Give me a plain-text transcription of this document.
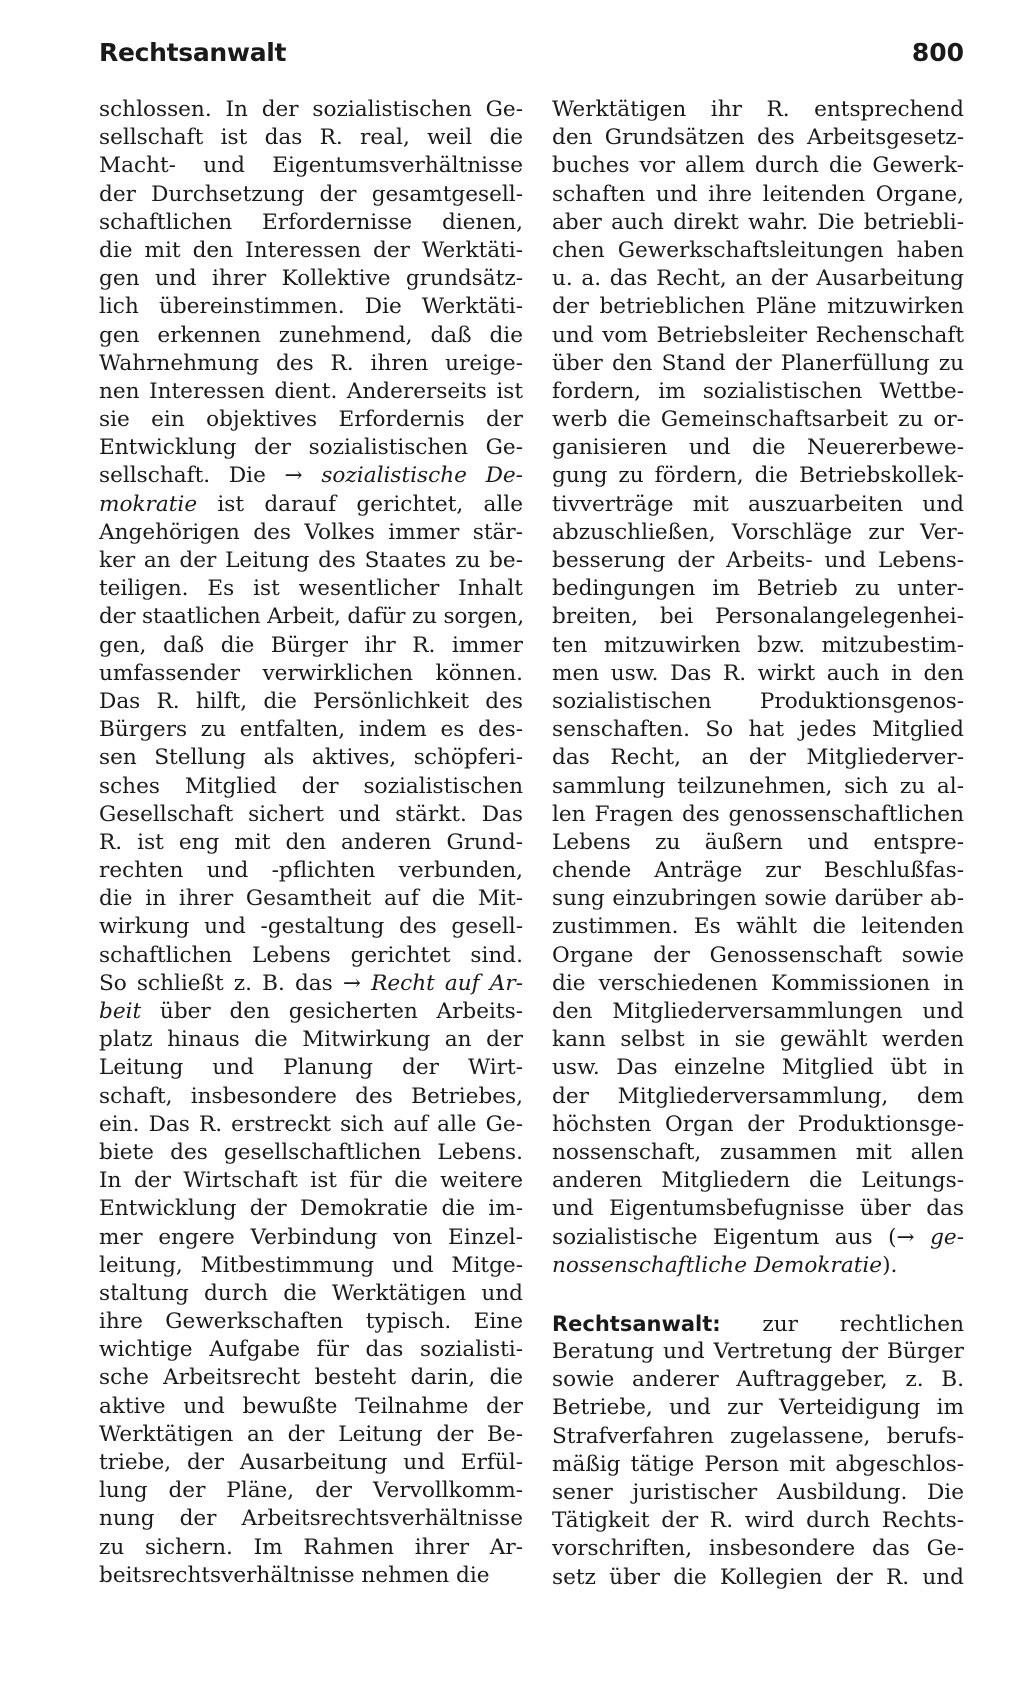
Rechtsanwalt	800
schlossen. In der sozialistischen Ge-
sellschaft ist das R. real, weil die
Macht- und Eigentumsverhältnisse
der Durchsetzung der gesamtgesell-
schaftlichen Erfordernisse dienen,
die mit den Interessen der Werktäti-
gen und ihrer Kollektive grundsätz-
lich übereinstimmen. Die Werktäti-
gen erkennen zunehmend, daß die
Wahrnehmung des R. ihren ureige-
nen Interessen dient. Andererseits ist
sie ein objektives Erfordernis der
Entwicklung der sozialistischen Ge-
sellschaft. Die → sozialistische De-
mokratie ist darauf gerichtet, alle
Angehörigen des Volkes immer stär-
ker an der Leitung des Staates zu be-
teiligen. Es ist wesentlicher Inhalt
der staatlichen Arbeit, dafür zu sorgen,
gen, daß die Bürger ihr R. immer
umfassender verwirklichen können.
Das R. hilft, die Persönlichkeit des
Bürgers zu entfalten, indem es des-
sen Stellung als aktives, schöpferi-
sches Mitglied der sozialistischen
Gesellschaft sichert und stärkt. Das
R. ist eng mit den anderen Grund-
rechten und -pflichten verbunden,
die in ihrer Gesamtheit auf die Mit-
wirkung und -gestaltung des gesell-
schaftlichen Lebens gerichtet sind.
So schließt z. B. das → Recht auf Ar-
beit über den gesicherten Arbeits-
platz hinaus die Mitwirkung an der
Leitung und Planung der Wirt-
schaft, insbesondere des Betriebes,
ein. Das R. erstreckt sich auf alle Ge-
biete des gesellschaftlichen Lebens.
In der Wirtschaft ist für die weitere
Entwicklung der Demokratie die im-
mer engere Verbindung von Einzel-
leitung, Mitbestimmung und Mitge-
staltung durch die Werktätigen und
ihre Gewerkschaften typisch. Eine
wichtige Aufgabe für das sozialisti-
sche Arbeitsrecht besteht darin, die
aktive und bewußte Teilnahme der
Werktätigen an der Leitung der Be-
triebe, der Ausarbeitung und Erfül-
lung der Pläne, der Vervollkomm-
nung der Arbeitsrechtsverhältnisse
zu sichern. Im Rahmen ihrer Ar-
beitsrechtsverhältnisse nehmen die
Werktätigen ihr R. entsprechend
den Grundsätzen des Arbeitsgesetz-
buches vor allem durch die Gewerk-
schaften und ihre leitenden Organe,
aber auch direkt wahr. Die betriebli-
chen Gewerkschaftsleitungen haben
u. a. das Recht, an der Ausarbeitung
der betrieblichen Pläne mitzuwirken
und vom Betriebsleiter Rechenschaft
über den Stand der Planerfüllung zu
fordern, im sozialistischen Wettbe-
werb die Gemeinschaftsarbeit zu or-
ganisieren und die Neuererbewe-
gung zu fördern, die Betriebskollek-
tivverträge mit auszuarbeiten und
abzuschließen, Vorschläge zur Ver-
besserung der Arbeits- und Lebens-
bedingungen im Betrieb zu unter-
breiten, bei Personalangelegenhei-
ten mitzuwirken bzw. mitzubestim-
men usw. Das R. wirkt auch in den
sozialistischen Produktionsgenos-
senschaften. So hat jedes Mitglied
das Recht, an der Mitgliederver-
sammlung teilzunehmen, sich zu al-
len Fragen des genossenschaftlichen
Lebens zu äußern und entspre-
chende Anträge zur Beschlußfas-
sung einzubringen sowie darüber ab-
zustimmen. Es wählt die leitenden
Organe der Genossenschaft sowie
die verschiedenen Kommissionen in
den Mitgliederversammlungen und
kann selbst in sie gewählt werden
usw. Das einzelne Mitglied übt in
der Mitgliederversammlung, dem
höchsten Organ der Produktionsge-
nossenschaft, zusammen mit allen
anderen Mitgliedern die Leitungs-
und Eigentumsbefugnisse über das
sozialistische Eigentum aus (→ ge-
nossenschaftliche Demokratie).
Rechtsanwalt: zur rechtlichen
Beratung und Vertretung der Bürger
sowie anderer Auftraggeber, z. B.
Betriebe, und zur Verteidigung im
Strafverfahren zugelassene, berufs-
mäßig tätige Person mit abgeschlos-
sener juristischer Ausbildung. Die
Tätigkeit der R. wird durch Rechts-
vorschriften, insbesondere das Ge-
setz über die Kollegien der R. und
